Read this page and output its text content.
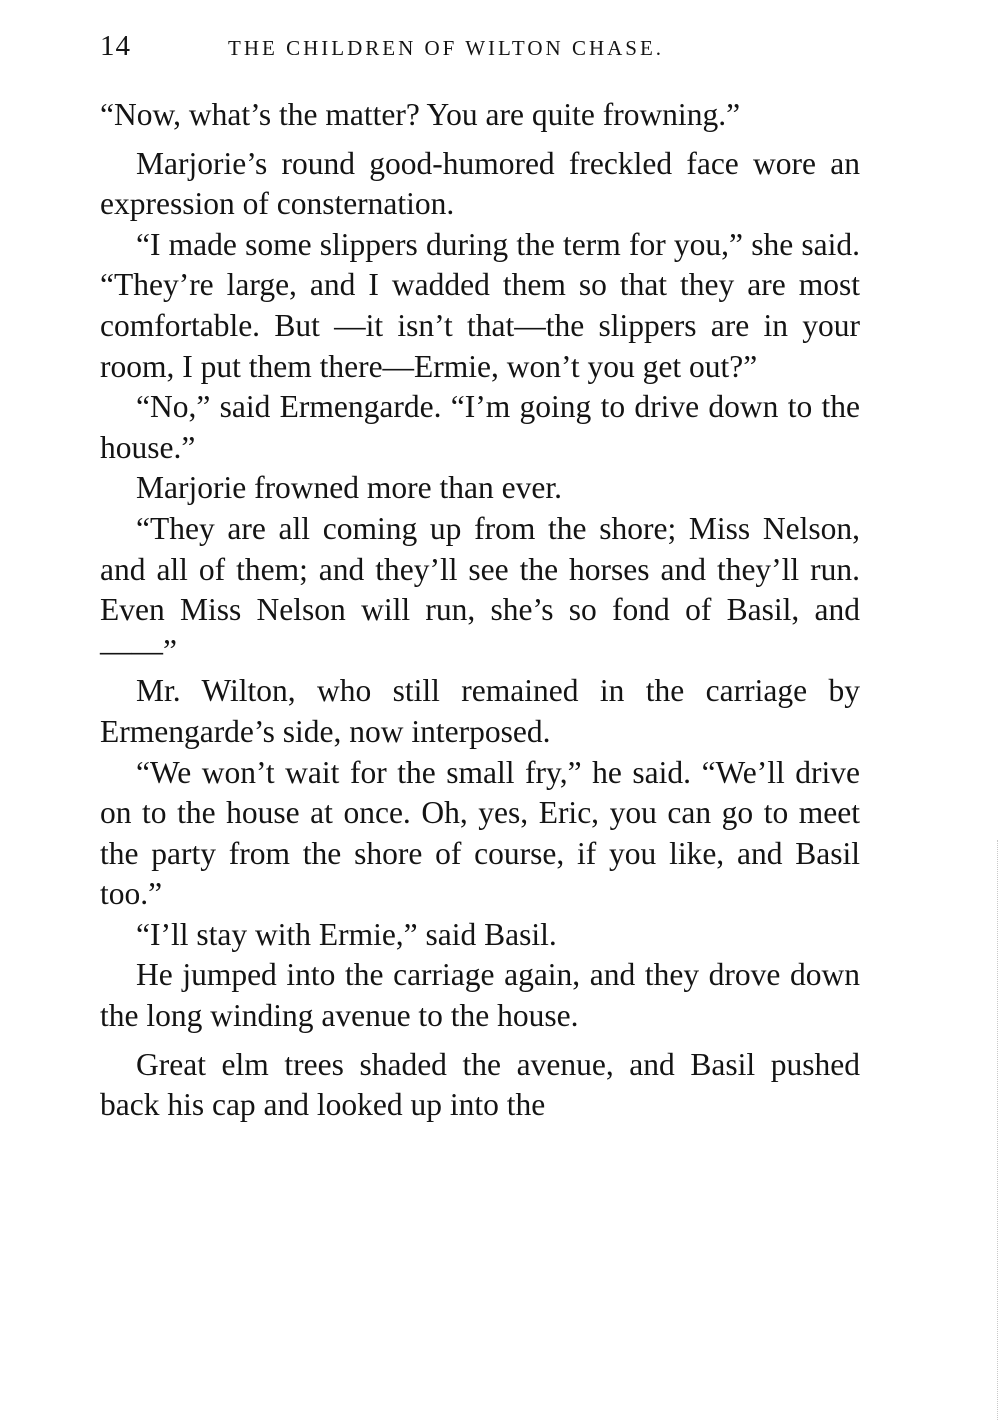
14	THE CHILDREN OF WILTON CHASE.

“Now, what’s the matter? You are quite frowning.”

Marjorie’s round good-humored freckled face wore an expression of consternation.

“I made some slippers during the term for you,” she said. “They’re large, and I wadded them so that they are most comfortable. But —it isn’t that—the slippers are in your room, I put them there—Ermie, won’t you get out?”

“No,” said Ermengarde. “I’m going to drive down to the house.”

Marjorie frowned more than ever.

“They are all coming up from the shore; Miss Nelson, and all of them; and they’ll see the horses and they’ll run. Even Miss Nelson will run, she’s so fond of Basil, and——”

Mr. Wilton, who still remained in the carriage by Ermengarde’s side, now interposed.

“We won’t wait for the small fry,” he said. “We’ll drive on to the house at once. Oh, yes, Eric, you can go to meet the party from the shore of course, if you like, and Basil too.”

“I’ll stay with Ermie,” said Basil.

He jumped into the carriage again, and they drove down the long winding avenue to the house.

Great elm trees shaded the avenue, and Basil pushed back his cap and looked up into the
